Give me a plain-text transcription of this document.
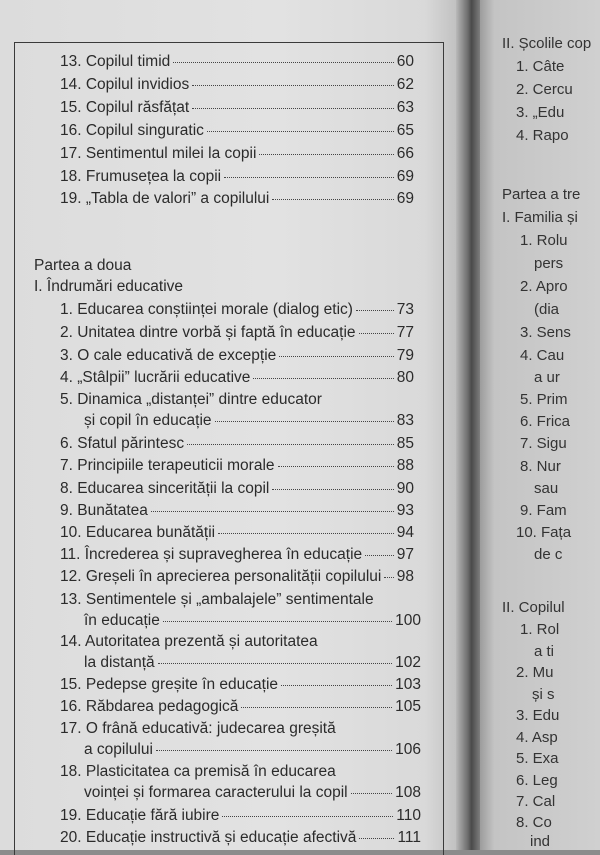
13. Copilul timid	60
14. Copilul invidios	62
15. Copilul răsfățat	63
16. Copilul singuratic	65
17. Sentimentul milei la copii	66
18. Frumusețea la copii	69
19. „Tabla de valori” a copilului	69
Partea a doua
I. Îndrumări educative
1. Educarea conștiinței morale (dialog etic)	73
2. Unitatea dintre vorbă și faptă în educație	77
3. O cale educativă de excepție	79
4. „Stâlpii” lucrării educative	80
5. Dinamica „distanței” dintre educator
și copil în educație	83
6. Sfatul părintesc	85
7. Principiile terapeuticii morale	88
8. Educarea sincerității la copil	90
9. Bunătatea	93
10. Educarea bunătății	94
11. Încrederea și supravegherea în educație 97
12. Greșeli în aprecierea personalității copilului 98
13. Sentimentele și „ambalajele” sentimentale
în educație	100
14. Autoritatea prezentă și autoritatea
la distanță	102
15. Pedepse greșite în educație	103
16. Răbdarea pedagogică	105
17. O frână educativă: judecarea greșită
a copilului	106
18. Plasticitatea ca premisă în educarea
voinței și formarea caracterului la copil	108
19. Educație fără iubire	110
20. Educație instructivă și educație afectivă	111
II. Școlile cop
1. Câte
2. Cercu
3. „Edu
4. Rapo
Partea a tre
I. Familia și
1. Rolu
pers
2. Apro
(dia
3. Sens
4. Cau
a ur
5. Prim
6. Frica
7. Sigu
8. Nur
sau
9. Fam
10. Fața
de c
II. Copilul
1. Rol
a ti
2. Mu
și s
3. Edu
4. Asp
5. Exa
6. Leg
7. Cal
8. Co
ind
